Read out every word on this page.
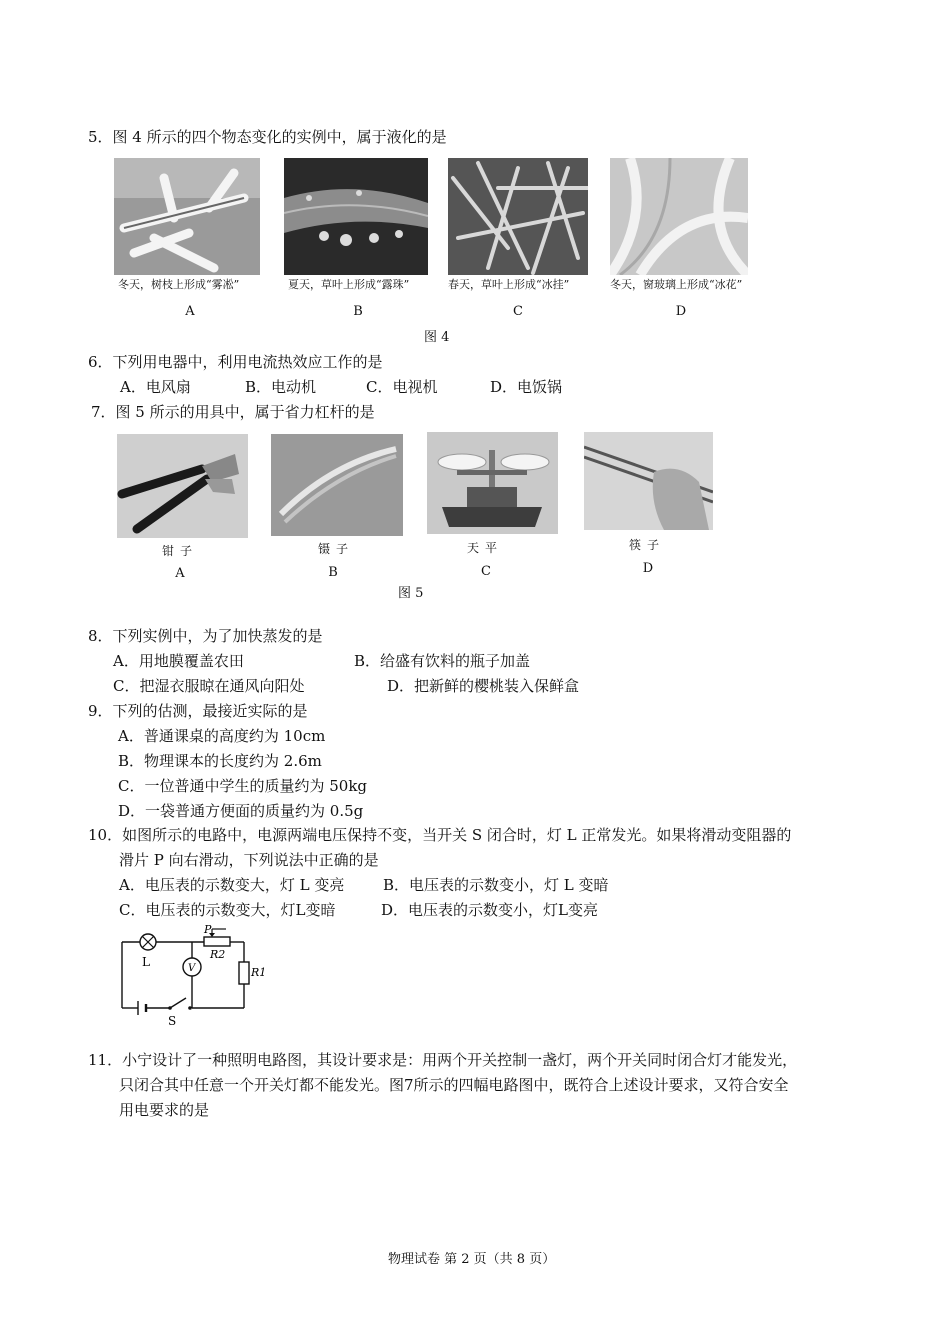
5．图 4 所示的四个物态变化的实例中，属于液化的是
冬天，树枝上形成“雾凇”	夏天，草叶上形成“露珠”	春天，草叶上形成“冰挂”	冬天，窗玻璃上形成“冰花”
A	B	C	D
图 4
6．下列用电器中，利用电流热效应工作的是
A．电风扇	B．电动机	C．电视机	D．电饭锅
7．图 5 所示的用具中，属于省力杠杆的是
钳子	镊子	天平	筷子
A	B	C	D
图 5
8．下列实例中，为了加快蒸发的是
A．用地膜覆盖农田	B．给盛有饮料的瓶子加盖
C．把湿衣服晾在通风向阳处	D．把新鲜的樱桃装入保鲜盒
9．下列的估测，最接近实际的是
A．普通课桌的高度约为 10cm
B．物理课本的长度约为 2.6m
C．一位普通中学生的质量约为 50kg
D．一袋普通方便面的质量约为 0.5g
10．如图所示的电路中，电源两端电压保持不变，当开关 S 闭合时，灯 L 正常发光。如果将滑动变阻器的
滑片 P 向右滑动，下列说法中正确的是
A．电压表的示数变大，灯 L 变亮	B．电压表的示数变小，灯 L 变暗
C．电压表的示数变大，灯L变暗	D．电压表的示数变小，灯L变亮
L
P
R2
R1
V
S
11．小宁设计了一种照明电路图，其设计要求是：用两个开关控制一盏灯，两个开关同时闭合灯才能发光，
只闭合其中任意一个开关灯都不能发光。图7所示的四幅电路图中，既符合上述设计要求，又符合安全
用电要求的是
物理试卷 第 2 页（共 8 页）
